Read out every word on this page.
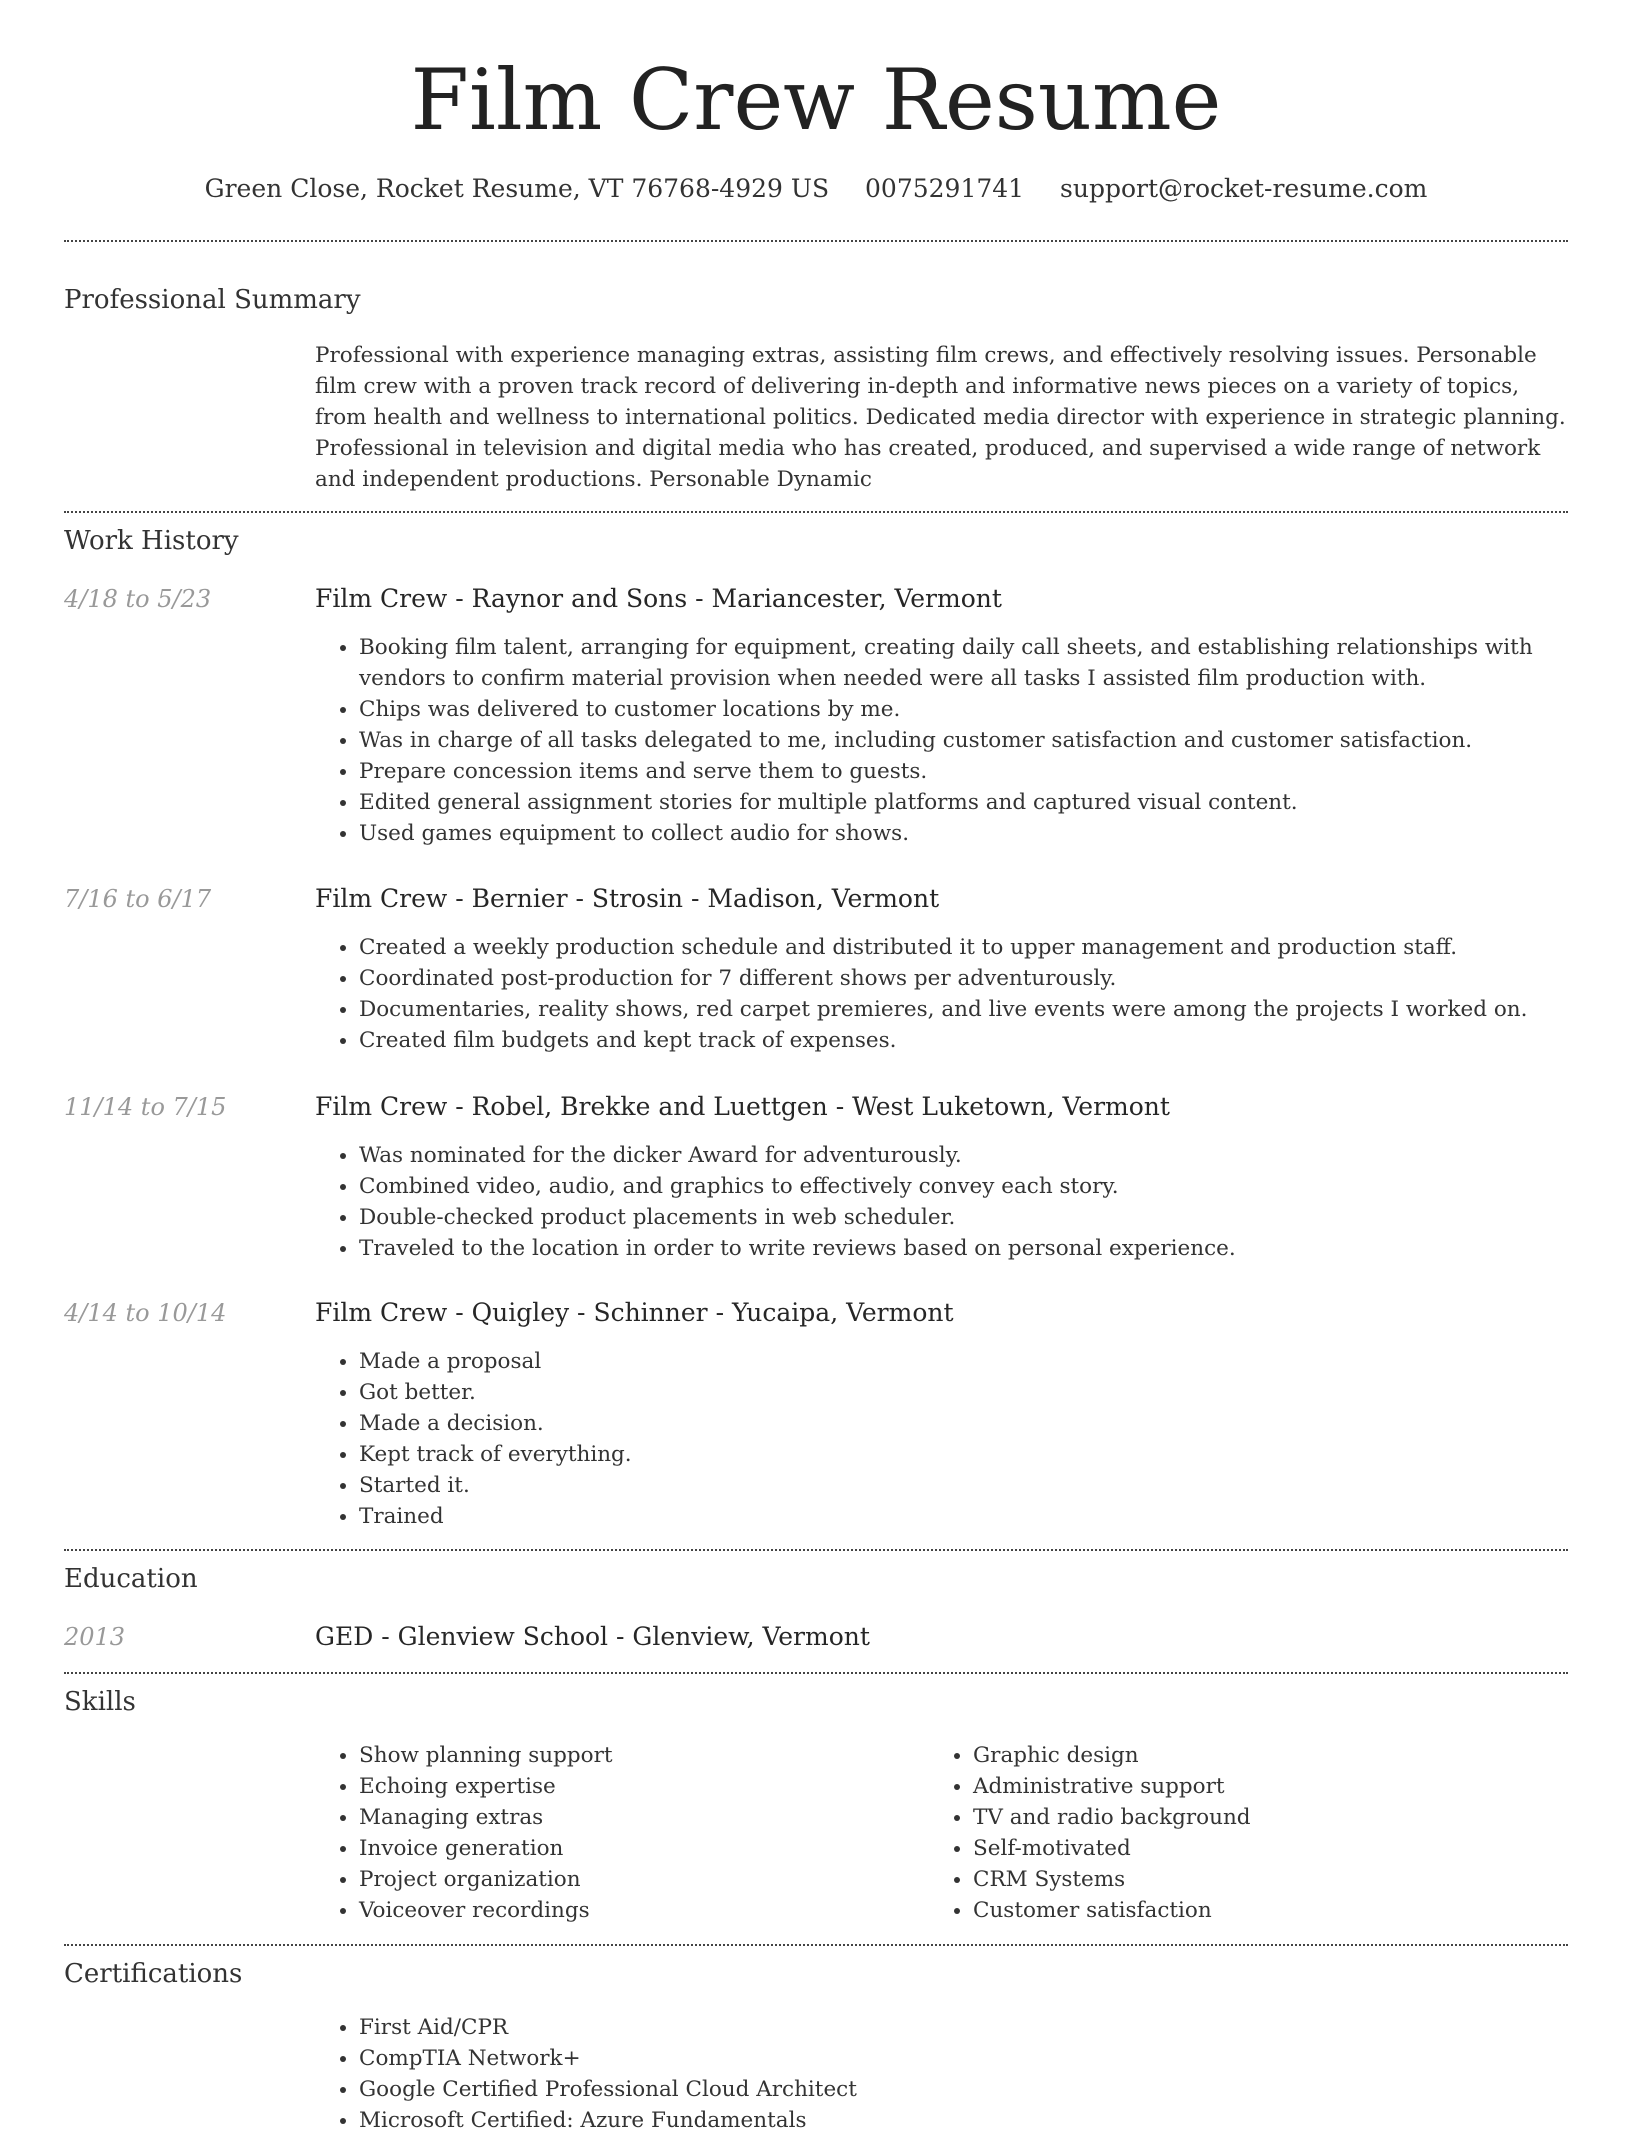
Film Crew Resume
Green Close, Rocket Resume, VT 76768-4929 US 0075291741 support@rocket-resume.com
Professional Summary

Professional with experience managing extras, assisting film crews, and effectively resolving issues. Personable film crew with a proven track record of delivering in-depth and informative news pieces on a variety of topics, from health and wellness to international politics. Dedicated media director with experience in strategic planning. Professional in television and digital media who has created, produced, and supervised a wide range of network and independent productions. Personable Dynamic

Work History
4/18 to 5/23	Film Crew - Raynor and Sons - Mariancester, Vermont
• Booking film talent, arranging for equipment, creating daily call sheets, and establishing relationships with vendors to confirm material provision when needed were all tasks I assisted film production with.
• Chips was delivered to customer locations by me.
• Was in charge of all tasks delegated to me, including customer satisfaction and customer satisfaction.
• Prepare concession items and serve them to guests.
• Edited general assignment stories for multiple platforms and captured visual content.
• Used games equipment to collect audio for shows.
7/16 to 6/17	Film Crew - Bernier - Strosin - Madison, Vermont
• Created a weekly production schedule and distributed it to upper management and production staff.
• Coordinated post-production for 7 different shows per adventurously.
• Documentaries, reality shows, red carpet premieres, and live events were among the projects I worked on.
• Created film budgets and kept track of expenses.
11/14 to 7/15	Film Crew - Robel, Brekke and Luettgen - West Luketown, Vermont
• Was nominated for the dicker Award for adventurously.
• Combined video, audio, and graphics to effectively convey each story.
• Double-checked product placements in web scheduler.
• Traveled to the location in order to write reviews based on personal experience.
4/14 to 10/14	Film Crew - Quigley - Schinner - Yucaipa, Vermont
• Made a proposal
• Got better.
• Made a decision.
• Kept track of everything.
• Started it.
• Trained
Education
2013	GED - Glenview School - Glenview, Vermont
Skills
• Show planning support
• Echoing expertise
• Managing extras
• Invoice generation
• Project organization
• Voiceover recordings
• Graphic design
• Administrative support
• TV and radio background
• Self-motivated
• CRM Systems
• Customer satisfaction
Certifications
• First Aid/CPR
• CompTIA Network+
• Google Certified Professional Cloud Architect
• Microsoft Certified: Azure Fundamentals
